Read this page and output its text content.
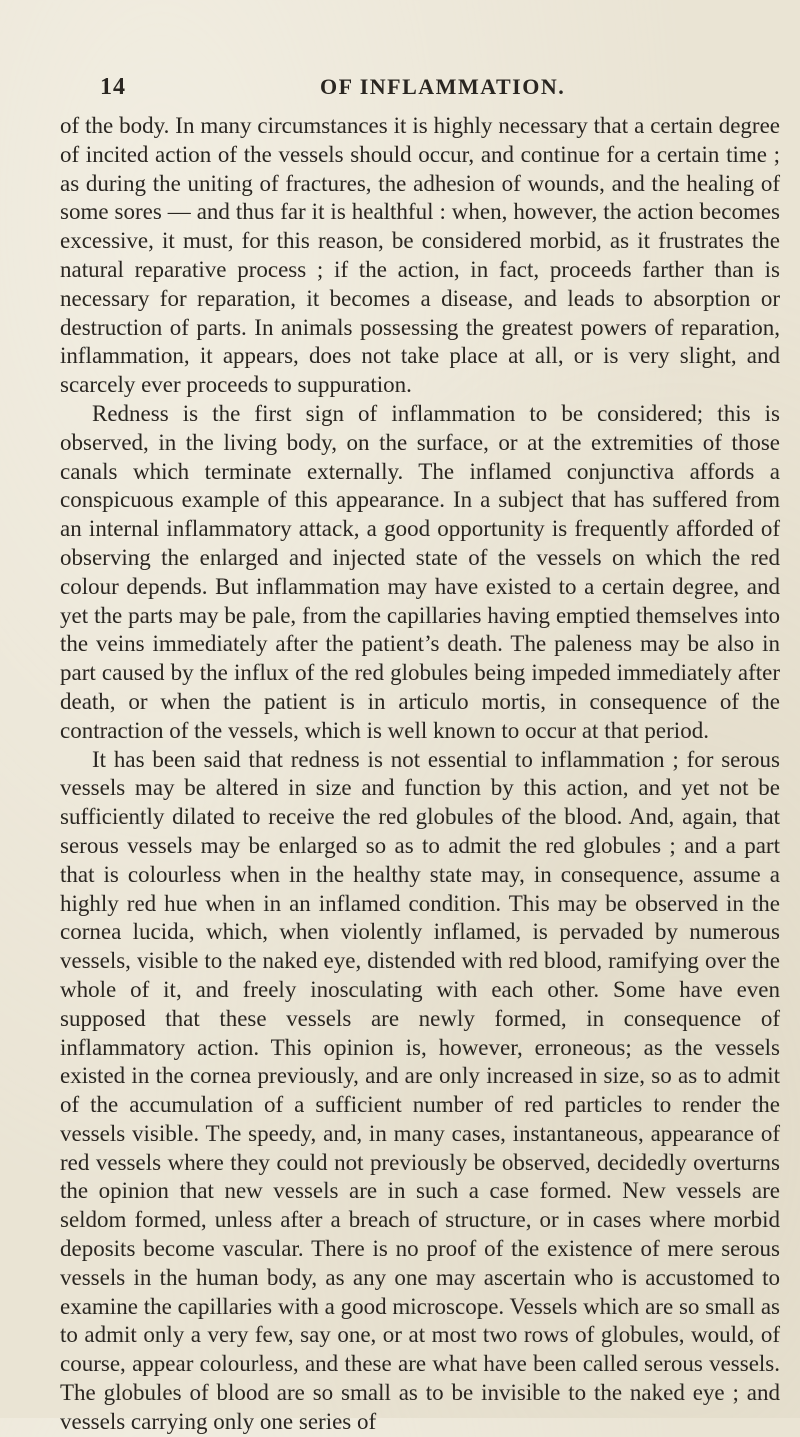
14	OF INFLAMMATION.

of the body. In many circumstances it is highly necessary that a certain degree of incited action of the vessels should occur, and continue for a certain time ; as during the uniting of fractures, the adhesion of wounds, and the healing of some sores — and thus far it is healthful : when, however, the action becomes excessive, it must, for this reason, be considered morbid, as it frustrates the natural reparative process ; if the action, in fact, proceeds farther than is necessary for reparation, it becomes a disease, and leads to absorption or destruction of parts. In animals possessing the greatest powers of reparation, inflammation, it appears, does not take place at all, or is very slight, and scarcely ever proceeds to suppuration.

Redness is the first sign of inflammation to be considered; this is observed, in the living body, on the surface, or at the extremities of those canals which terminate externally. The inflamed conjunctiva affords a conspicuous example of this appearance. In a subject that has suffered from an internal inflammatory attack, a good opportunity is frequently afforded of observing the enlarged and injected state of the vessels on which the red colour depends. But inflammation may have existed to a certain degree, and yet the parts may be pale, from the capillaries having emptied themselves into the veins immediately after the patient’s death. The paleness may be also in part caused by the influx of the red globules being impeded immediately after death, or when the patient is in articulo mortis, in consequence of the contraction of the vessels, which is well known to occur at that period.

It has been said that redness is not essential to inflammation ; for serous vessels may be altered in size and function by this action, and yet not be sufficiently dilated to receive the red globules of the blood. And, again, that serous vessels may be enlarged so as to admit the red globules ; and a part that is colourless when in the healthy state may, in consequence, assume a highly red hue when in an inflamed condition. This may be observed in the cornea lucida, which, when violently inflamed, is pervaded by numerous vessels, visible to the naked eye, distended with red blood, ramifying over the whole of it, and freely inosculating with each other. Some have even supposed that these vessels are newly formed, in consequence of inflammatory action. This opinion is, however, erroneous; as the vessels existed in the cornea previously, and are only increased in size, so as to admit of the accumulation of a sufficient number of red particles to render the vessels visible. The speedy, and, in many cases, instantaneous, appearance of red vessels where they could not previously be observed, decidedly overturns the opinion that new vessels are in such a case formed. New vessels are seldom formed, unless after a breach of structure, or in cases where morbid deposits become vascular. There is no proof of the existence of mere serous vessels in the human body, as any one may ascertain who is accustomed to examine the capillaries with a good microscope. Vessels which are so small as to admit only a very few, say one, or at most two rows of globules, would, of course, appear colourless, and these are what have been called serous vessels. The globules of blood are so small as to be invisible to the naked eye ; and vessels carrying only one series of
